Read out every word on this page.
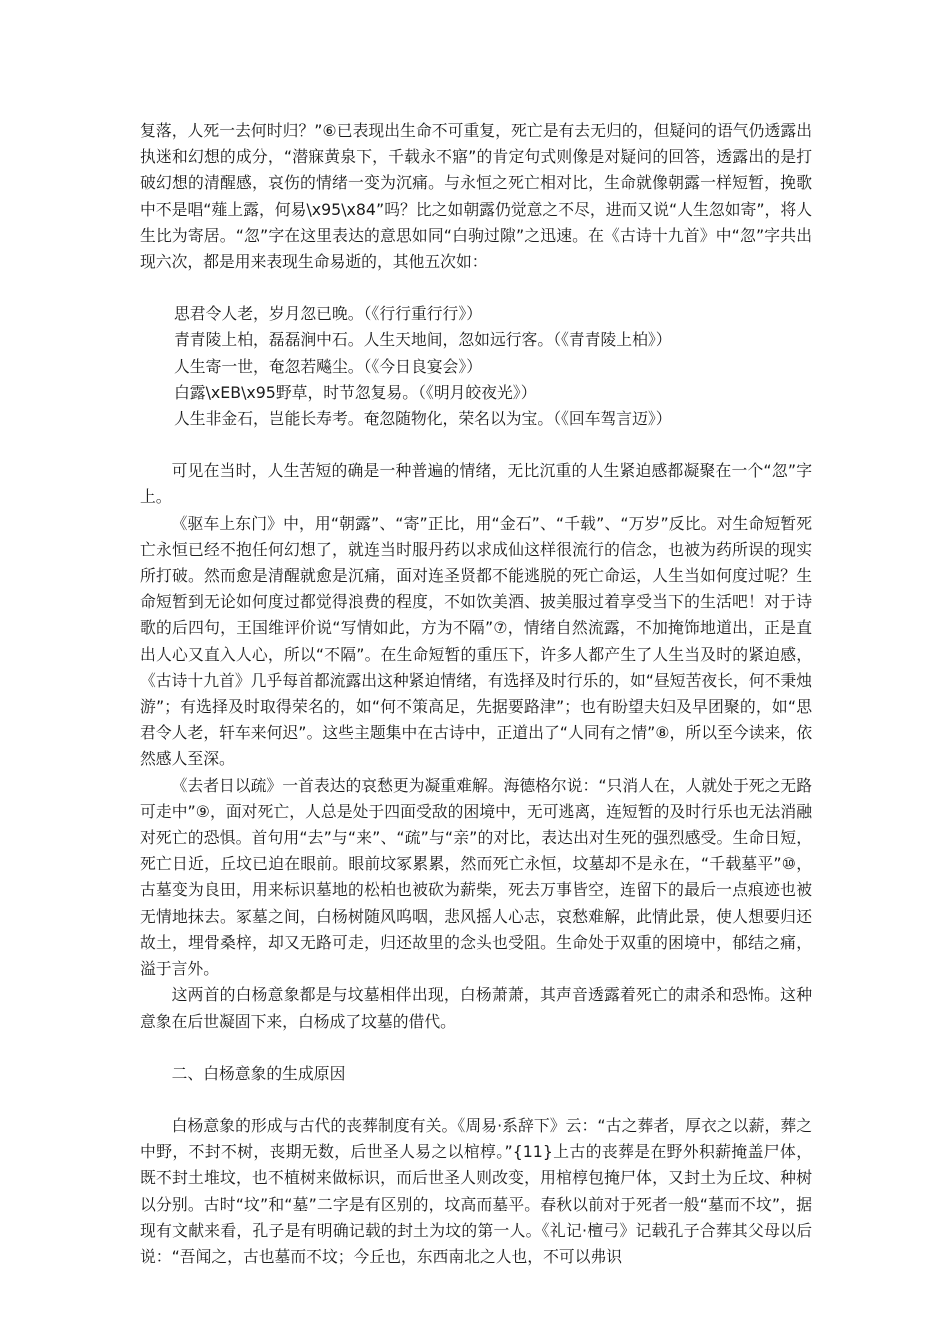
复落，人死一去何时归？”⑥已表现出生命不可重复，死亡是有去无归的，但疑问的语气仍透露出执迷和幻想的成分，“潜寐黄泉下，千载永不寤”的肯定句式则像是对疑问的回答，透露出的是打破幻想的清醒感，哀伤的情绪一变为沉痛。与永恒之死亡相对比，生命就像朝露一样短暂，挽歌中不是唱“薤上露，何易\x95\x84”吗？比之如朝露仍觉意之不尽，进而又说“人生忽如寄”，将人生比为寄居。“忽”字在这里表达的意思如同“白驹过隙”之迅速。在《古诗十九首》中“忽”字共出现六次，都是用来表现生命易逝的，其他五次如：

思君令人老，岁月忽已晚。（《行行重行行》）

青青陵上柏，磊磊涧中石。人生天地间，忽如远行客。（《青青陵上柏》）

人生寄一世，奄忽若飚尘。（《今日良宴会》）

白露\xEB\x95野草，时节忽复易。（《明月皎夜光》）

人生非金石，岂能长寿考。奄忽随物化，荣名以为宝。（《回车驾言迈》）

可见在当时，人生苦短的确是一种普遍的情绪，无比沉重的人生紧迫感都凝聚在一个“忽”字上。

《驱车上东门》中，用“朝露”、“寄”正比，用“金石”、“千载”、“万岁”反比。对生命短暂死亡永恒已经不抱任何幻想了，就连当时服丹药以求成仙这样很流行的信念，也被为药所误的现实所打破。然而愈是清醒就愈是沉痛，面对连圣贤都不能逃脱的死亡命运，人生当如何度过呢？生命短暂到无论如何度过都觉得浪费的程度，不如饮美酒、披美服过着享受当下的生活吧！对于诗歌的后四句，王国维评价说“写情如此，方为不隔”⑦，情绪自然流露，不加掩饰地道出，正是直出人心又直入人心，所以“不隔”。在生命短暂的重压下，许多人都产生了人生当及时的紧迫感，《古诗十九首》几乎每首都流露出这种紧迫情绪，有选择及时行乐的，如“昼短苦夜长，何不秉烛游”；有选择及时取得荣名的，如“何不策高足，先据要路津”；也有盼望夫妇及早团聚的，如“思君令人老，轩车来何迟”。这些主题集中在古诗中，正道出了“人同有之情”⑧，所以至今读来，依然感人至深。

《去者日以疏》一首表达的哀愁更为凝重难解。海德格尔说：“只消人在，人就处于死之无路可走中”⑨，面对死亡，人总是处于四面受敌的困境中，无可逃离，连短暂的及时行乐也无法消融对死亡的恐惧。首句用“去”与“来”、“疏”与“亲”的对比，表达出对生死的强烈感受。生命日短，死亡日近，丘坟已迫在眼前。眼前坟冢累累，然而死亡永恒，坟墓却不是永在，“千载墓平”⑩，古墓变为良田，用来标识墓地的松柏也被砍为薪柴，死去万事皆空，连留下的最后一点痕迹也被无情地抹去。冢墓之间，白杨树随风呜咽，悲风摇人心志，哀愁难解，此情此景，使人想要归还故土，埋骨桑梓，却又无路可走，归还故里的念头也受阻。生命处于双重的困境中，郁结之痛，溢于言外。

这两首的白杨意象都是与坟墓相伴出现，白杨萧萧，其声音透露着死亡的肃杀和恐怖。这种意象在后世凝固下来，白杨成了坟墓的借代。

二、白杨意象的生成原因

白杨意象的形成与古代的丧葬制度有关。《周易·系辞下》云：“古之葬者，厚衣之以薪，葬之中野，不封不树，丧期无数，后世圣人易之以棺椁。”{11}上古的丧葬是在野外积薪掩盖尸体，既不封土堆坟，也不植树来做标识，而后世圣人则改变，用棺椁包掩尸体，又封土为丘坟、种树以分别。古时“坟”和“墓”二字是有区别的，坟高而墓平。春秋以前对于死者一般“墓而不坟”，据现有文献来看，孔子是有明确记载的封土为坟的第一人。《礼记·檀弓》记载孔子合葬其父母以后说：“吾闻之，古也墓而不坟；今丘也，东西南北之人也，不可以弗识
